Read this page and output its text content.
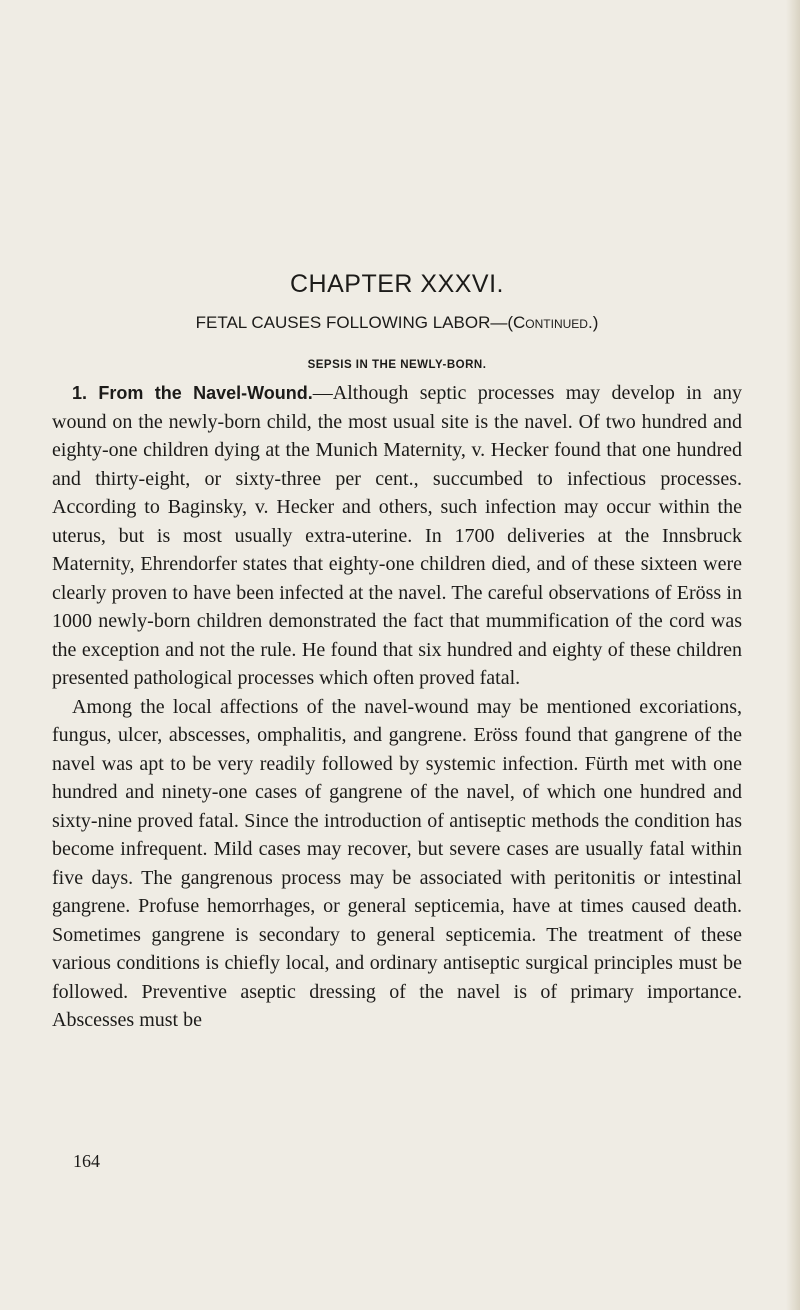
CHAPTER XXXVI.
FETAL CAUSES FOLLOWING LABOR—(Continued.)
SEPSIS IN THE NEWLY-BORN.

1. From the Navel-Wound.—Although septic processes may develop in any wound on the newly-born child, the most usual site is the navel. Of two hundred and eighty-one children dying at the Munich Maternity, v. Hecker found that one hundred and thirty-eight, or sixty-three per cent., succumbed to infectious processes. According to Baginsky, v. Hecker and others, such infection may occur within the uterus, but is most usually extra-uterine. In 1700 deliveries at the Innsbruck Maternity, Ehrendorfer states that eighty-one children died, and of these sixteen were clearly proven to have been infected at the navel. The careful observations of Eröss in 1000 newly-born children demonstrated the fact that mummification of the cord was the exception and not the rule. He found that six hundred and eighty of these children presented pathological processes which often proved fatal.

Among the local affections of the navel-wound may be mentioned excoriations, fungus, ulcer, abscesses, omphalitis, and gangrene. Eröss found that gangrene of the navel was apt to be very readily followed by systemic infection. Fürth met with one hundred and ninety-one cases of gangrene of the navel, of which one hundred and sixty-nine proved fatal. Since the introduction of antiseptic methods the condition has become infrequent. Mild cases may recover, but severe cases are usually fatal within five days. The gangrenous process may be associated with peritonitis or intestinal gangrene. Profuse hemorrhages, or general septicemia, have at times caused death. Sometimes gangrene is secondary to general septicemia. The treatment of these various conditions is chiefly local, and ordinary antiseptic surgical principles must be followed. Preventive aseptic dressing of the navel is of primary importance. Abscesses must be

164
